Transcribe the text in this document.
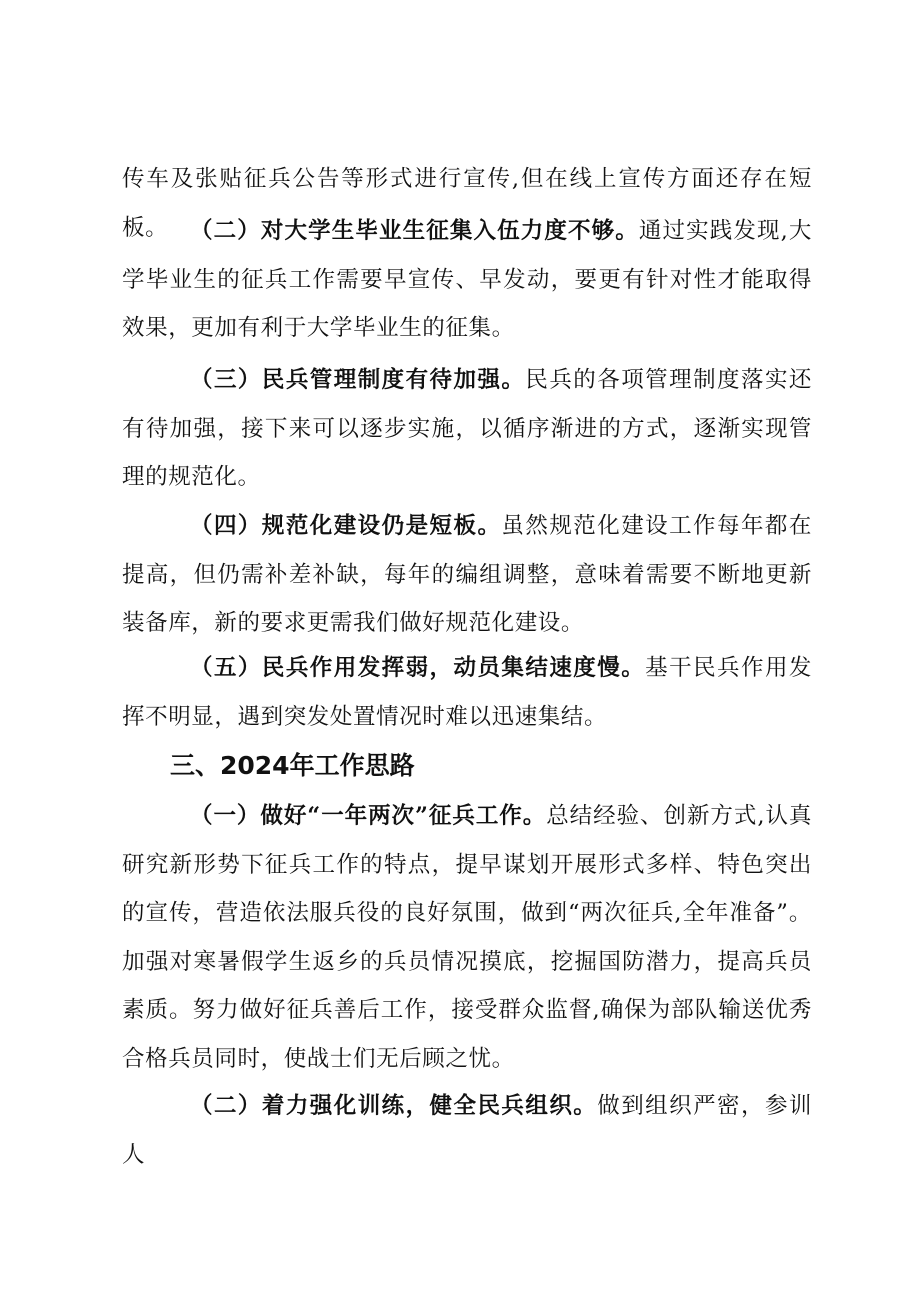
传车及张贴征兵公告等形式进行宣传,但在线上宣传方面还存在短板。 （二）对大学生毕业生征集入伍力度不够。通过实践发现,大学毕业生的征兵工作需要早宣传、早发动，要更有针对性才能取得效果，更加有利于大学毕业生的征集。

（三）民兵管理制度有待加强。民兵的各项管理制度落实还有待加强，接下来可以逐步实施，以循序渐进的方式，逐渐实现管理的规范化。

（四）规范化建设仍是短板。虽然规范化建设工作每年都在提高，但仍需补差补缺，每年的编组调整，意味着需要不断地更新装备库，新的要求更需我们做好规范化建设。

（五）民兵作用发挥弱，动员集结速度慢。基干民兵作用发挥不明显，遇到突发处置情况时难以迅速集结。

三、2024年工作思路

（一）做好“一年两次”征兵工作。总结经验、创新方式,认真研究新形势下征兵工作的特点，提早谋划开展形式多样、特色突出的宣传，营造依法服兵役的良好氛围，做到“两次征兵,全年准备”。加强对寒暑假学生返乡的兵员情况摸底，挖掘国防潜力，提高兵员素质。努力做好征兵善后工作，接受群众监督,确保为部队输送优秀合格兵员同时，使战士们无后顾之忧。

（二）着力强化训练，健全民兵组织。做到组织严密，参训人
